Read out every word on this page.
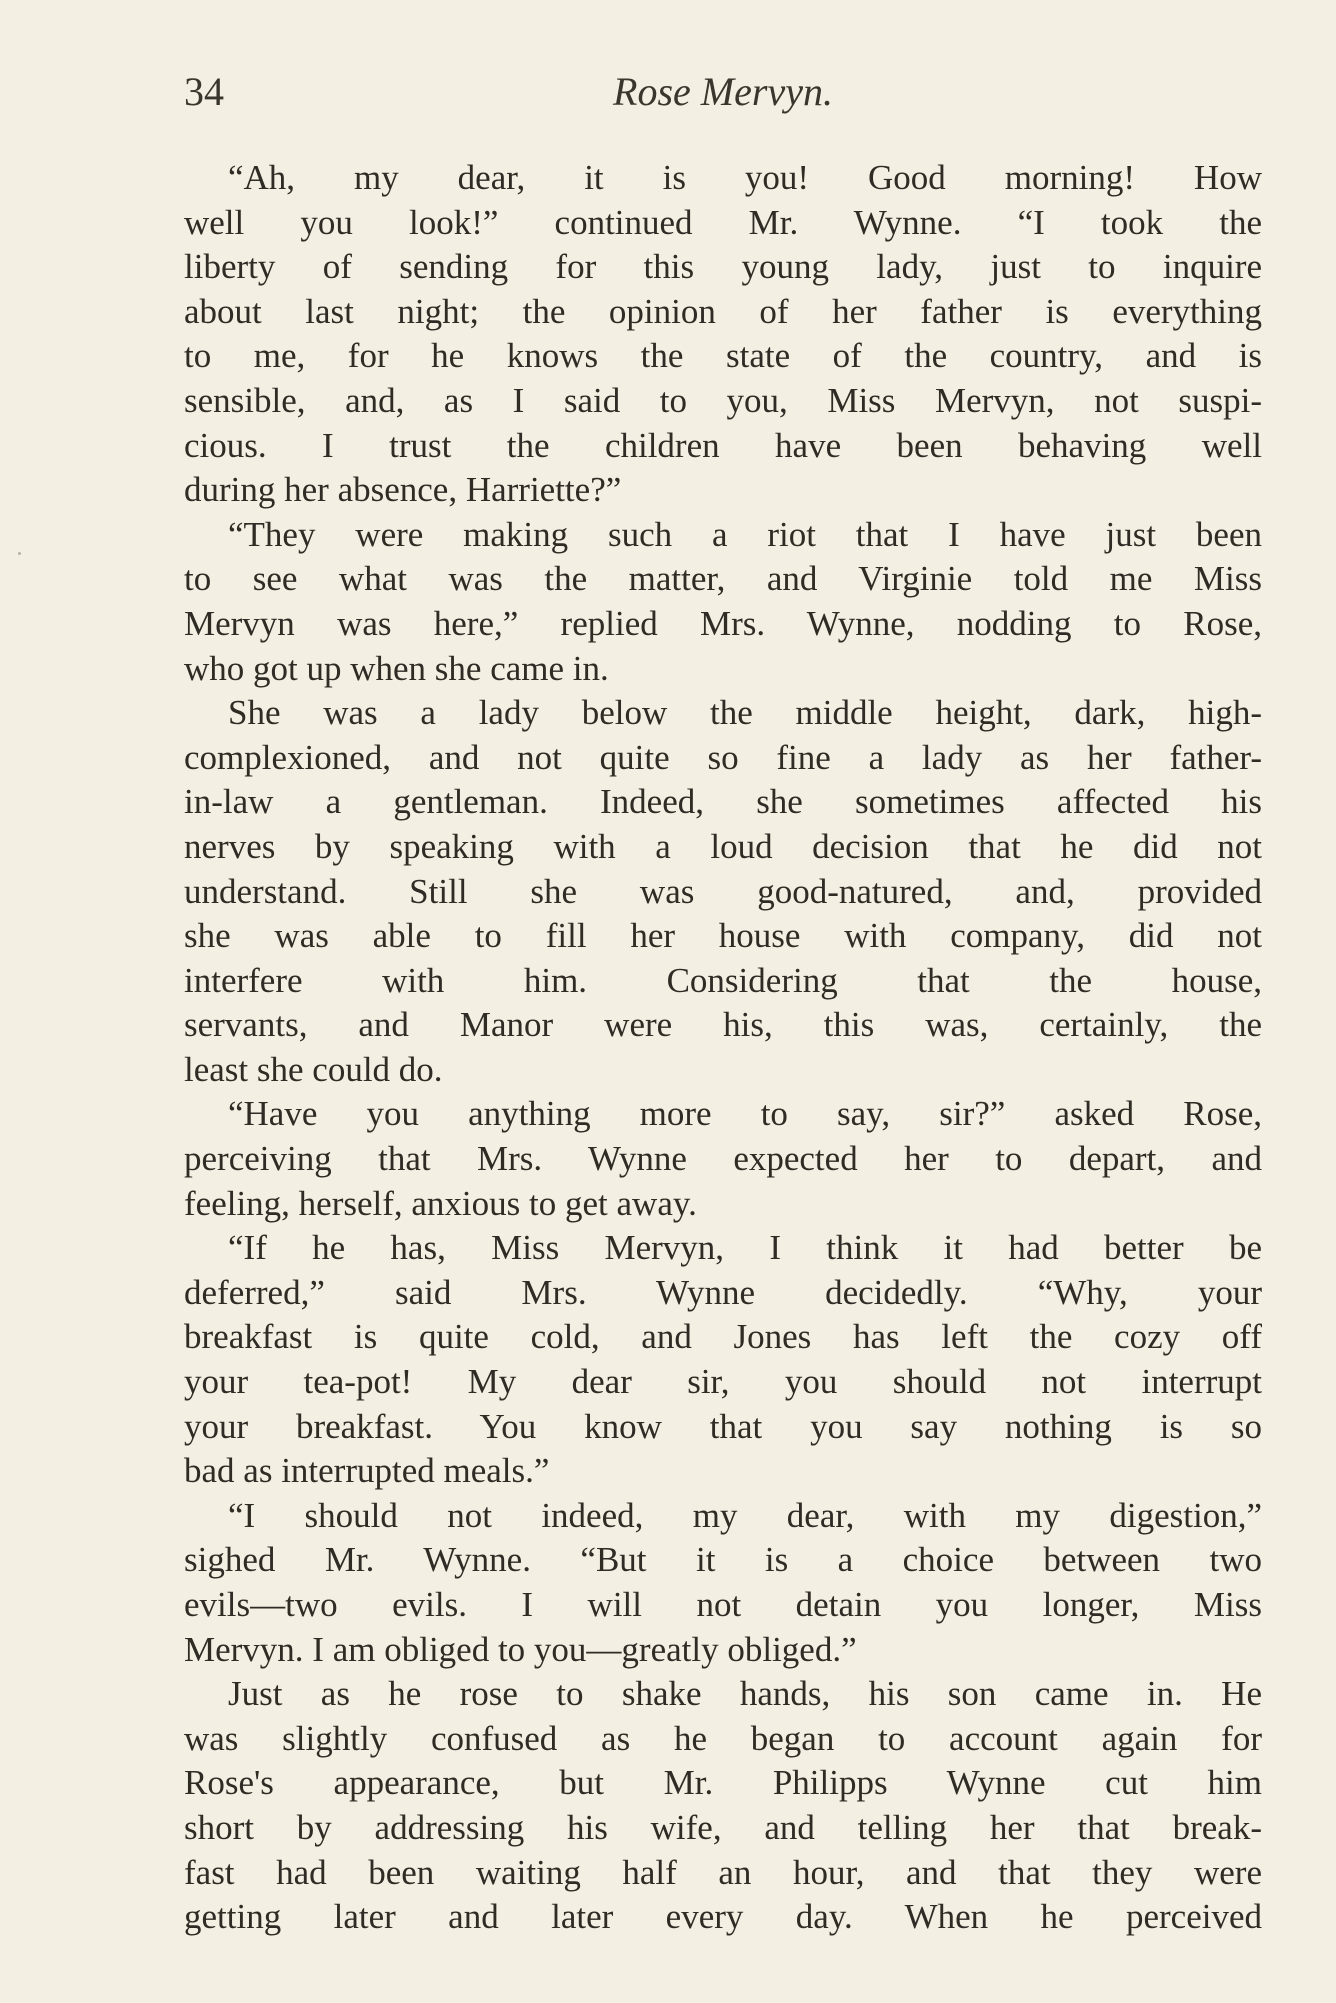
34	Rose Mervyn.
“Ah, my dear, it is you! Good morning! How
well you look!” continued Mr. Wynne. “I took the
liberty of sending for this young lady, just to inquire
about last night; the opinion of her father is everything
to me, for he knows the state of the country, and is
sensible, and, as I said to you, Miss Mervyn, not suspi-
cious. I trust the children have been behaving well
during her absence, Harriette?”
“They were making such a riot that I have just been
to see what was the matter, and Virginie told me Miss
Mervyn was here,” replied Mrs. Wynne, nodding to Rose,
who got up when she came in.
She was a lady below the middle height, dark, high-
complexioned, and not quite so fine a lady as her father-
in-law a gentleman. Indeed, she sometimes affected his
nerves by speaking with a loud decision that he did not
understand. Still she was good-natured, and, provided
she was able to fill her house with company, did not
interfere with him. Considering that the house,
servants, and Manor were his, this was, certainly, the
least she could do.
“Have you anything more to say, sir?” asked Rose,
perceiving that Mrs. Wynne expected her to depart, and
feeling, herself, anxious to get away.
“If he has, Miss Mervyn, I think it had better be
deferred,” said Mrs. Wynne decidedly. “Why, your
breakfast is quite cold, and Jones has left the cozy off
your tea-pot! My dear sir, you should not interrupt
your breakfast. You know that you say nothing is so
bad as interrupted meals.”
“I should not indeed, my dear, with my digestion,”
sighed Mr. Wynne. “But it is a choice between two
evils—two evils. I will not detain you longer, Miss
Mervyn. I am obliged to you—greatly obliged.”
Just as he rose to shake hands, his son came in. He
was slightly confused as he began to account again for
Rose's appearance, but Mr. Philipps Wynne cut him
short by addressing his wife, and telling her that break-
fast had been waiting half an hour, and that they were
getting later and later every day. When he perceived
